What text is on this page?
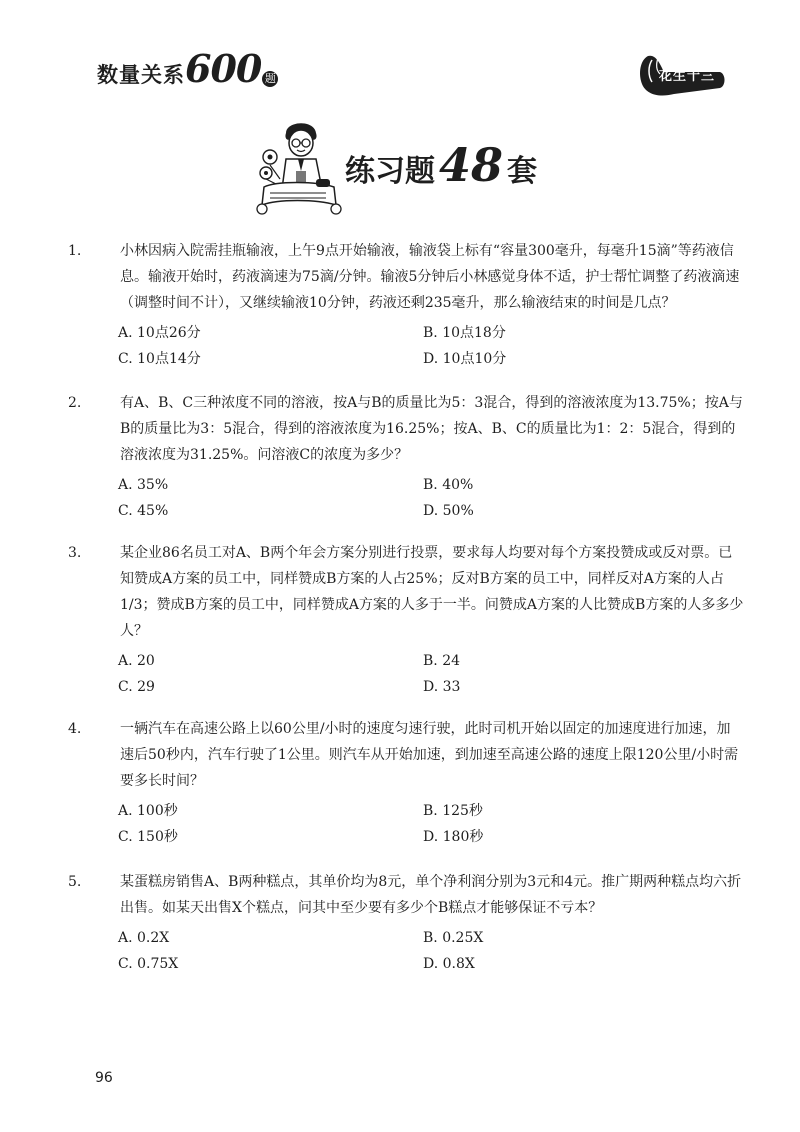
数量关系600 题	花生十三
练习题48 套

1.	小林因病入院需挂瓶输液，上午9点开始输液，输液袋上标有“容量300毫升，每毫升15滴”等药液信息。输液开始时，药液滴速为75滴/分钟。输液5分钟后小林感觉身体不适，护士帮忙调整了药液滴速（调整时间不计），又继续输液10分钟，药液还剩235毫升，那么输液结束的时间是几点？

A. 10点26分	B. 10点18分
C. 10点14分	D. 10点10分

2.	有A、B、C三种浓度不同的溶液，按A与B的质量比为5：3混合，得到的溶液浓度为13.75%；按A与B的质量比为3：5混合，得到的溶液浓度为16.25%；按A、B、C的质量比为1：2：5混合，得到的溶液浓度为31.25%。问溶液C的浓度为多少？

A. 35%	B. 40%
C. 45%	D. 50%

3.	某企业86名员工对A、B两个年会方案分别进行投票，要求每人均要对每个方案投赞成或反对票。已知赞成A方案的员工中，同样赞成B方案的人占25%；反对B方案的员工中，同样反对A方案的人占1/3；赞成B方案的员工中，同样赞成A方案的人多于一半。问赞成A方案的人比赞成B方案的人多多少人？

A. 20	B. 24
C. 29	D. 33

4.	一辆汽车在高速公路上以60公里/小时的速度匀速行驶，此时司机开始以固定的加速度进行加速，加速后50秒内，汽车行驶了1公里。则汽车从开始加速，到加速至高速公路的速度上限120公里/小时需要多长时间？

A. 100秒	B. 125秒
C. 150秒	D. 180秒

5.	某蛋糕房销售A、B两种糕点，其单价均为8元，单个净利润分别为3元和4元。推广期两种糕点均六折出售。如某天出售X个糕点，问其中至少要有多少个B糕点才能够保证不亏本？

A. 0.2X	B. 0.25X
C. 0.75X	D. 0.8X
96
